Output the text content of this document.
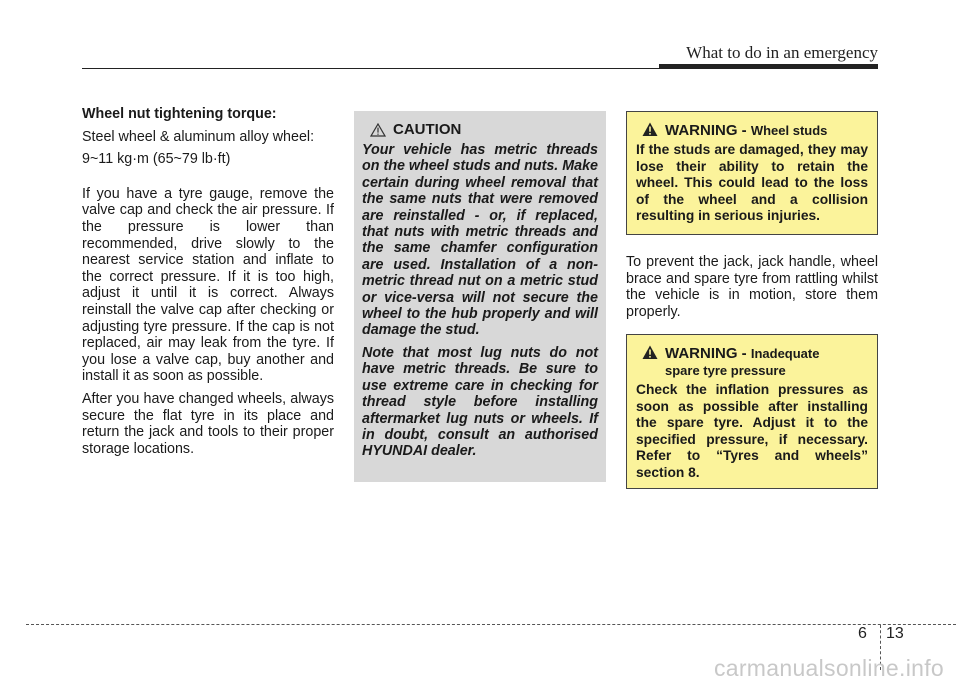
What to do in an emergency
Wheel nut tightening torque:
Steel wheel & aluminum alloy wheel:
9~11 kg·m (65~79 lb·ft)

If you have a tyre gauge, remove the valve cap and check the air pressure. If the pressure is lower than recommended, drive slowly to the nearest service station and inflate to the correct pressure. If it is too high, adjust it until it is correct. Always reinstall the valve cap after checking or adjusting tyre pressure. If the cap is not replaced, air may leak from the tyre. If you lose a valve cap, buy another and install it as soon as possible.

After you have changed wheels, always secure the flat tyre in its place and return the jack and tools to their proper storage locations.

CAUTION

Your vehicle has metric threads on the wheel studs and nuts. Make certain during wheel removal that the same nuts that were removed are reinstalled - or, if replaced, that nuts with metric threads and the same chamfer configuration are used. Installation of a non-metric thread nut on a metric stud or vice-versa will not secure the wheel to the hub properly and will damage the stud.

Note that most lug nuts do not have metric threads. Be sure to use extreme care in checking for thread style before installing aftermarket lug nuts or wheels. If in doubt, consult an authorised HYUNDAI dealer.

WARNING - Wheel studs

If the studs are damaged, they may lose their ability to retain the wheel. This could lead to the loss of the wheel and a collision resulting in serious injuries.

To prevent the jack, jack handle, wheel brace and spare tyre from rattling whilst the vehicle is in motion, store them properly.

WARNING - Inadequate
spare tyre pressure

Check the inflation pressures as soon as possible after installing the spare tyre. Adjust it to the specified pressure, if necessary. Refer to “Tyres and wheels” section 8.

6 13
carmanualsonline.info
